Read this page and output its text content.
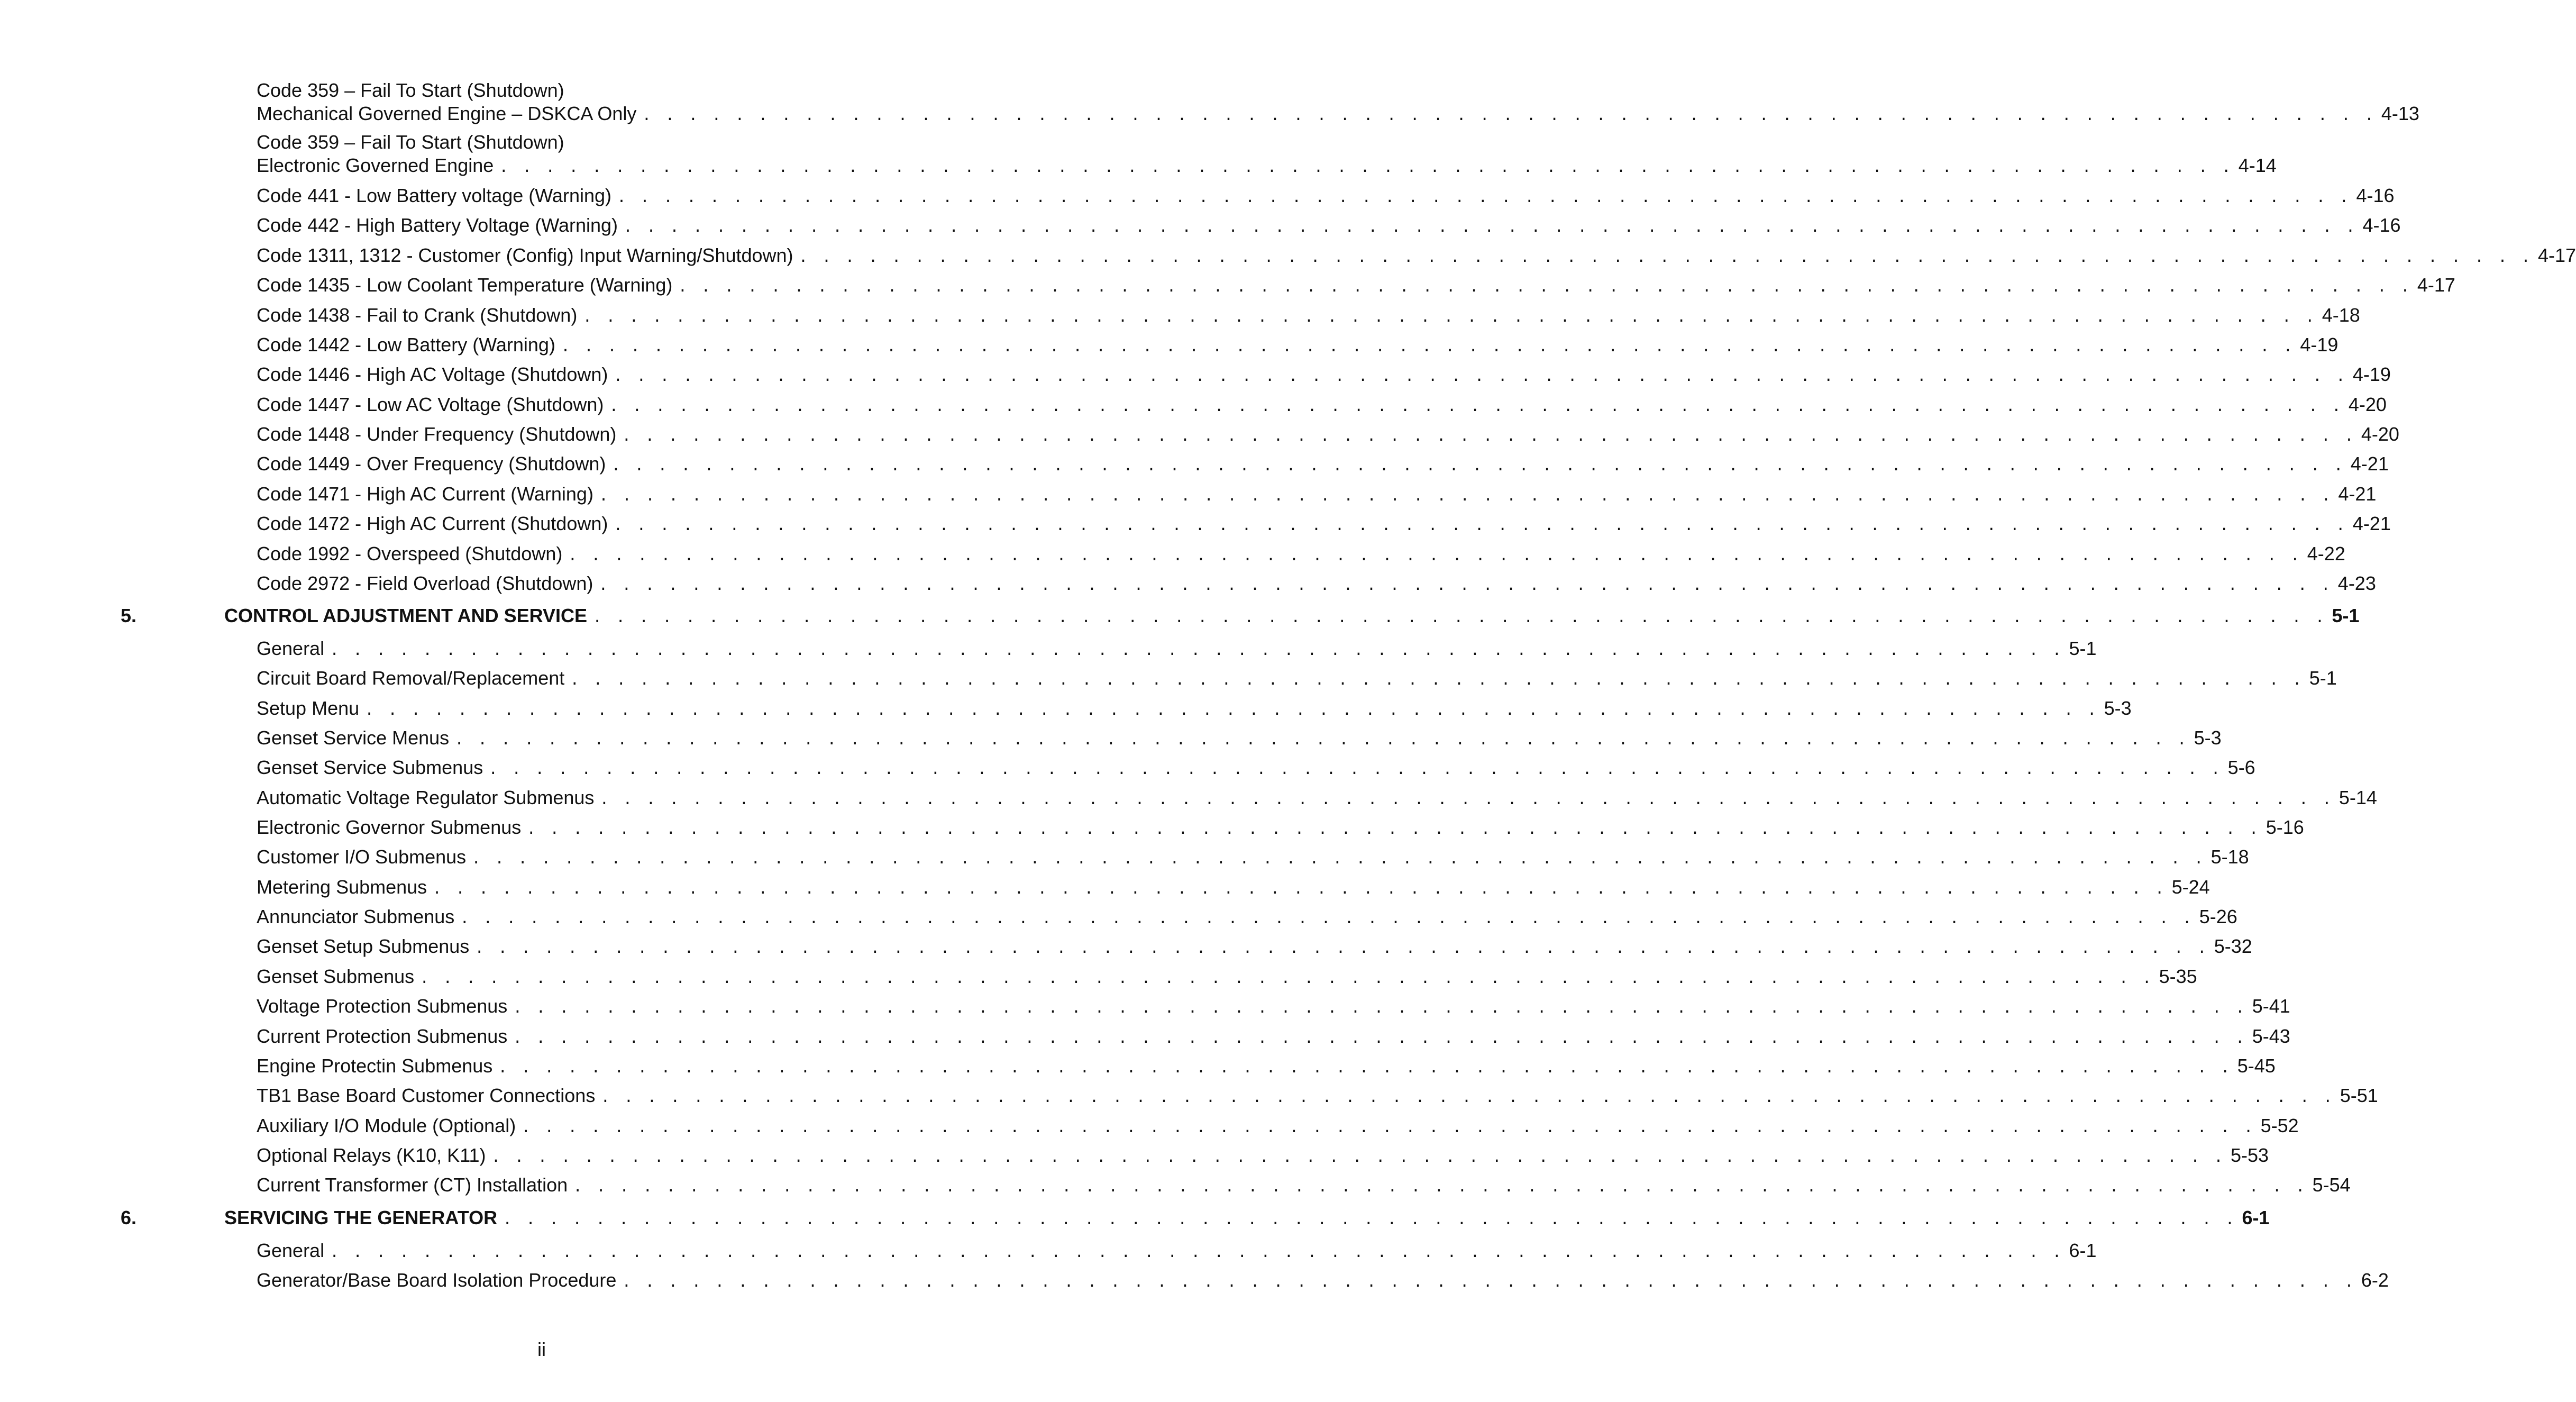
Code 359 – Fail To Start (Shutdown)
Mechanical Governed Engine – DSKCA Only . . . . . . . . . . . . . . . . . . . . . . . . . . . . . . . . . . . . . . . . . . . . . . . . . . . . . . . . . . . . . . . . . . . . . . . . . . . 4-13
Code 359 – Fail To Start (Shutdown)
Electronic Governed Engine . . . . . . . . . . . . . . . . . . . . . . . . . . . . . . . . . . . . . . . . . . . . . . . . . . . . . . . . . . . . . . . . . . . . . . . . . . . 4-14
Code 441 - Low Battery voltage (Warning) . . . . . . . . . . . . . . . . . . . . . . . . . . . . . . . . . . . . . . . . . . . . . . . . . . . . . . . . . . . . . . . . . . . . . . . . . . . 4-16
Code 442 - High Battery Voltage (Warning) . . . . . . . . . . . . . . . . . . . . . . . . . . . . . . . . . . . . . . . . . . . . . . . . . . . . . . . . . . . . . . . . . . . . . . . . . . . 4-16
Code 1311, 1312 - Customer (Config) Input Warning/Shutdown) . . . . . . . . . . . . . . . . . . . . . . . . . . . . . . . . . . . . . . . . . . . . . . . . . . . . . . . . . . . . . . . . . . . . . . . . . . . 4-17
Code 1435 - Low Coolant Temperature (Warning) . . . . . . . . . . . . . . . . . . . . . . . . . . . . . . . . . . . . . . . . . . . . . . . . . . . . . . . . . . . . . . . . . . . . . . . . . . . 4-17
Code 1438 - Fail to Crank (Shutdown) . . . . . . . . . . . . . . . . . . . . . . . . . . . . . . . . . . . . . . . . . . . . . . . . . . . . . . . . . . . . . . . . . . . . . . . . . . . 4-18
Code 1442 - Low Battery (Warning) . . . . . . . . . . . . . . . . . . . . . . . . . . . . . . . . . . . . . . . . . . . . . . . . . . . . . . . . . . . . . . . . . . . . . . . . . . . 4-19
Code 1446 - High AC Voltage (Shutdown) . . . . . . . . . . . . . . . . . . . . . . . . . . . . . . . . . . . . . . . . . . . . . . . . . . . . . . . . . . . . . . . . . . . . . . . . . . . 4-19
Code 1447 - Low AC Voltage (Shutdown) . . . . . . . . . . . . . . . . . . . . . . . . . . . . . . . . . . . . . . . . . . . . . . . . . . . . . . . . . . . . . . . . . . . . . . . . . . . 4-20
Code 1448 - Under Frequency (Shutdown) . . . . . . . . . . . . . . . . . . . . . . . . . . . . . . . . . . . . . . . . . . . . . . . . . . . . . . . . . . . . . . . . . . . . . . . . . . . 4-20
Code 1449 - Over Frequency (Shutdown) . . . . . . . . . . . . . . . . . . . . . . . . . . . . . . . . . . . . . . . . . . . . . . . . . . . . . . . . . . . . . . . . . . . . . . . . . . . 4-21
Code 1471 - High AC Current (Warning) . . . . . . . . . . . . . . . . . . . . . . . . . . . . . . . . . . . . . . . . . . . . . . . . . . . . . . . . . . . . . . . . . . . . . . . . . . . 4-21
Code 1472 - High AC Current (Shutdown) . . . . . . . . . . . . . . . . . . . . . . . . . . . . . . . . . . . . . . . . . . . . . . . . . . . . . . . . . . . . . . . . . . . . . . . . . . . 4-21
Code 1992 - Overspeed (Shutdown) . . . . . . . . . . . . . . . . . . . . . . . . . . . . . . . . . . . . . . . . . . . . . . . . . . . . . . . . . . . . . . . . . . . . . . . . . . . 4-22
Code 2972 - Field Overload (Shutdown) . . . . . . . . . . . . . . . . . . . . . . . . . . . . . . . . . . . . . . . . . . . . . . . . . . . . . . . . . . . . . . . . . . . . . . . . . . . 4-23
5.	CONTROL ADJUSTMENT AND SERVICE . . . . . . . . . . . . . . . . . . . . . . . . . . . . . . . . . . . . . . . . . . . . . . . . . . . . . . . . . . . . . . . . . . . . . . . . . . . 5-1
General . . . . . . . . . . . . . . . . . . . . . . . . . . . . . . . . . . . . . . . . . . . . . . . . . . . . . . . . . . . . . . . . . . . . . . . . . . . 5-1
Circuit Board Removal/Replacement . . . . . . . . . . . . . . . . . . . . . . . . . . . . . . . . . . . . . . . . . . . . . . . . . . . . . . . . . . . . . . . . . . . . . . . . . . . 5-1
Setup Menu . . . . . . . . . . . . . . . . . . . . . . . . . . . . . . . . . . . . . . . . . . . . . . . . . . . . . . . . . . . . . . . . . . . . . . . . . . . 5-3
Genset Service Menus . . . . . . . . . . . . . . . . . . . . . . . . . . . . . . . . . . . . . . . . . . . . . . . . . . . . . . . . . . . . . . . . . . . . . . . . . . . 5-3
Genset Service Submenus . . . . . . . . . . . . . . . . . . . . . . . . . . . . . . . . . . . . . . . . . . . . . . . . . . . . . . . . . . . . . . . . . . . . . . . . . . . 5-6
Automatic Voltage Regulator Submenus . . . . . . . . . . . . . . . . . . . . . . . . . . . . . . . . . . . . . . . . . . . . . . . . . . . . . . . . . . . . . . . . . . . . . . . . . . . 5-14
Electronic Governor Submenus . . . . . . . . . . . . . . . . . . . . . . . . . . . . . . . . . . . . . . . . . . . . . . . . . . . . . . . . . . . . . . . . . . . . . . . . . . . 5-16
Customer I/O Submenus . . . . . . . . . . . . . . . . . . . . . . . . . . . . . . . . . . . . . . . . . . . . . . . . . . . . . . . . . . . . . . . . . . . . . . . . . . . 5-18
Metering Submenus . . . . . . . . . . . . . . . . . . . . . . . . . . . . . . . . . . . . . . . . . . . . . . . . . . . . . . . . . . . . . . . . . . . . . . . . . . . 5-24
Annunciator Submenus . . . . . . . . . . . . . . . . . . . . . . . . . . . . . . . . . . . . . . . . . . . . . . . . . . . . . . . . . . . . . . . . . . . . . . . . . . . 5-26
Genset Setup Submenus . . . . . . . . . . . . . . . . . . . . . . . . . . . . . . . . . . . . . . . . . . . . . . . . . . . . . . . . . . . . . . . . . . . . . . . . . . . 5-32
Genset Submenus . . . . . . . . . . . . . . . . . . . . . . . . . . . . . . . . . . . . . . . . . . . . . . . . . . . . . . . . . . . . . . . . . . . . . . . . . . . 5-35
Voltage Protection Submenus . . . . . . . . . . . . . . . . . . . . . . . . . . . . . . . . . . . . . . . . . . . . . . . . . . . . . . . . . . . . . . . . . . . . . . . . . . . 5-41
Current Protection Submenus . . . . . . . . . . . . . . . . . . . . . . . . . . . . . . . . . . . . . . . . . . . . . . . . . . . . . . . . . . . . . . . . . . . . . . . . . . . 5-43
Engine Protectin Submenus . . . . . . . . . . . . . . . . . . . . . . . . . . . . . . . . . . . . . . . . . . . . . . . . . . . . . . . . . . . . . . . . . . . . . . . . . . . 5-45
TB1 Base Board Customer Connections . . . . . . . . . . . . . . . . . . . . . . . . . . . . . . . . . . . . . . . . . . . . . . . . . . . . . . . . . . . . . . . . . . . . . . . . . . . 5-51
Auxiliary I/O Module (Optional) . . . . . . . . . . . . . . . . . . . . . . . . . . . . . . . . . . . . . . . . . . . . . . . . . . . . . . . . . . . . . . . . . . . . . . . . . . . 5-52
Optional Relays (K10, K11) . . . . . . . . . . . . . . . . . . . . . . . . . . . . . . . . . . . . . . . . . . . . . . . . . . . . . . . . . . . . . . . . . . . . . . . . . . . 5-53
Current Transformer (CT) Installation . . . . . . . . . . . . . . . . . . . . . . . . . . . . . . . . . . . . . . . . . . . . . . . . . . . . . . . . . . . . . . . . . . . . . . . . . . . 5-54
6.	SERVICING THE GENERATOR . . . . . . . . . . . . . . . . . . . . . . . . . . . . . . . . . . . . . . . . . . . . . . . . . . . . . . . . . . . . . . . . . . . . . . . . . . . 6-1
General . . . . . . . . . . . . . . . . . . . . . . . . . . . . . . . . . . . . . . . . . . . . . . . . . . . . . . . . . . . . . . . . . . . . . . . . . . . 6-1
Generator/Base Board Isolation Procedure . . . . . . . . . . . . . . . . . . . . . . . . . . . . . . . . . . . . . . . . . . . . . . . . . . . . . . . . . . . . . . . . . . . . . . . . . . . 6-2
ii
